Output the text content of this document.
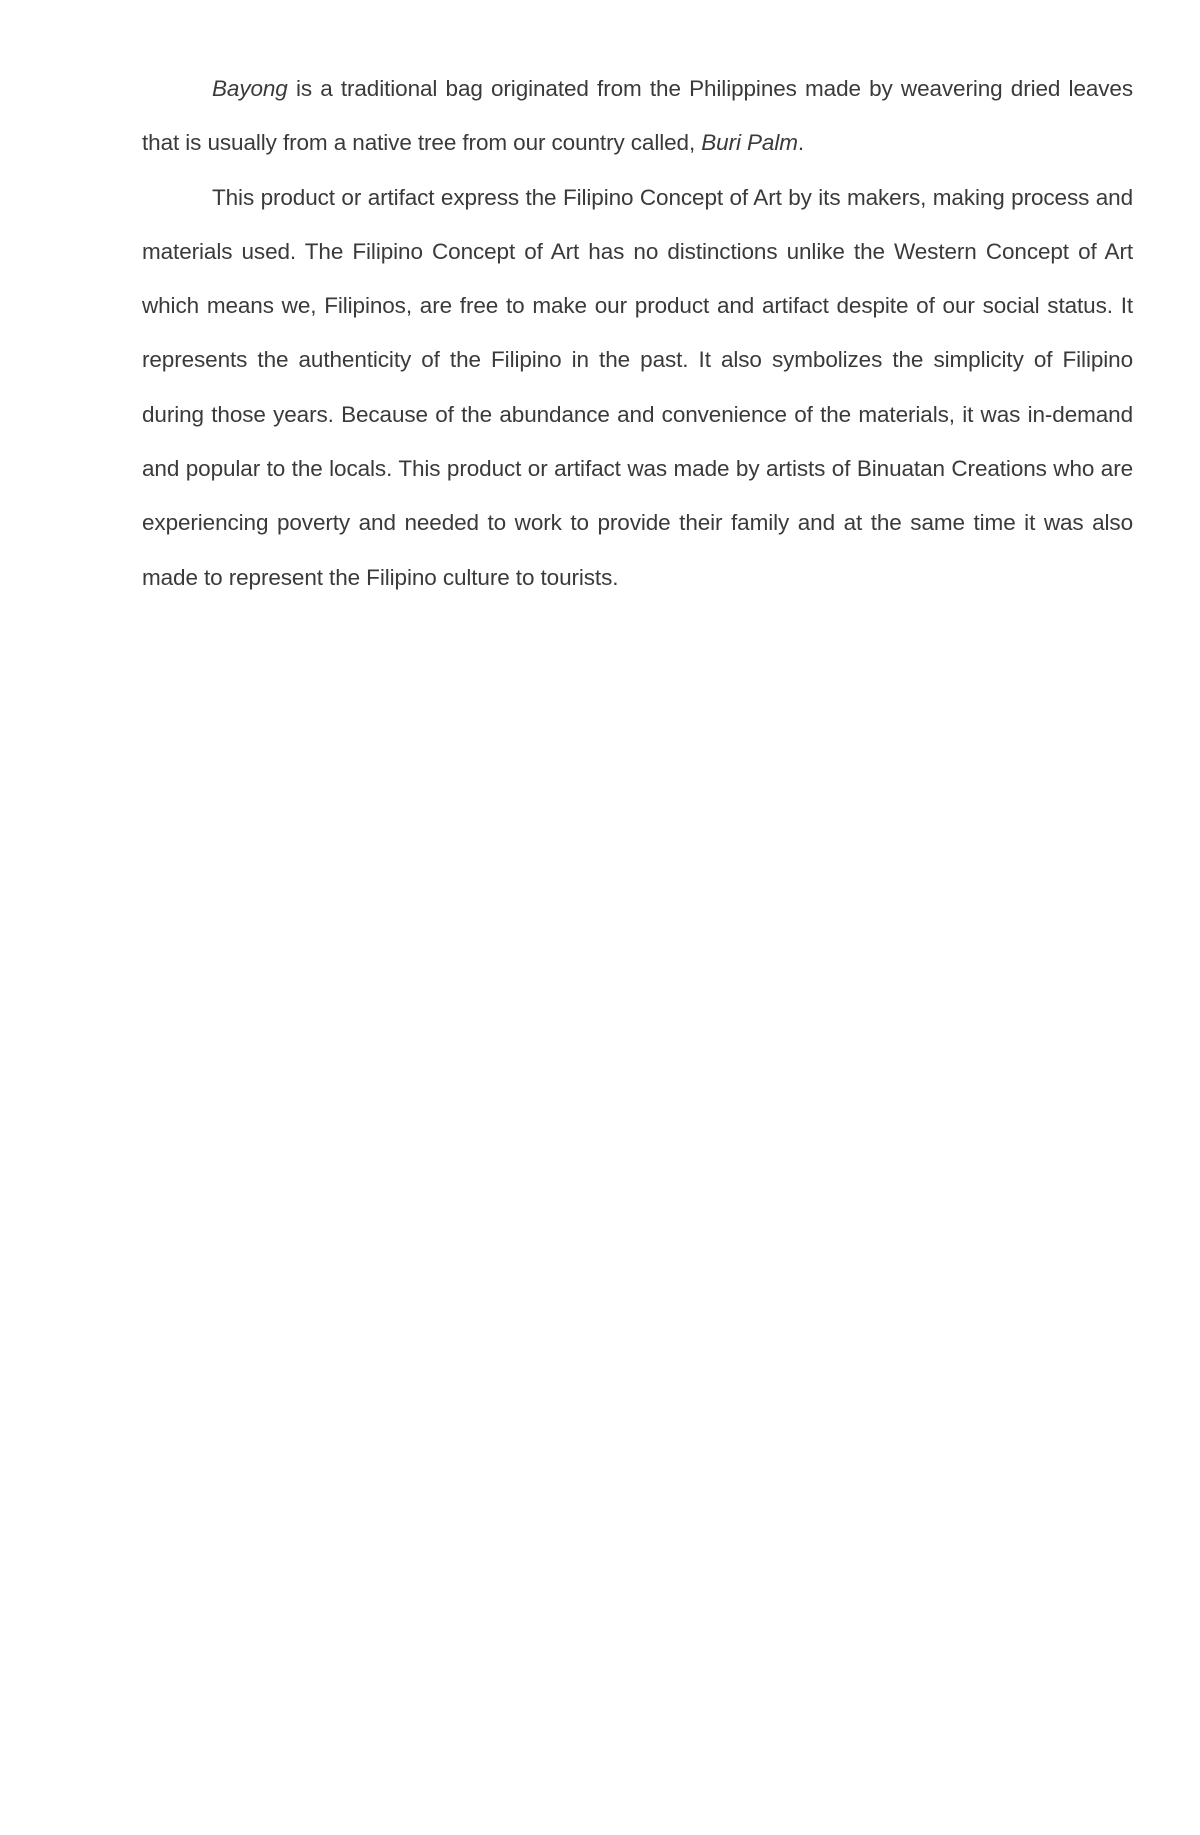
Bayong is a traditional bag originated from the Philippines made by weavering dried leaves that is usually from a native tree from our country called, Buri Palm.

This product or artifact express the Filipino Concept of Art by its makers, making process and materials used. The Filipino Concept of Art has no distinctions unlike the Western Concept of Art which means we, Filipinos, are free to make our product and artifact despite of our social status. It represents the authenticity of the Filipino in the past. It also symbolizes the simplicity of Filipino during those years. Because of the abundance and convenience of the materials, it was in-demand and popular to the locals. This product or artifact was made by artists of Binuatan Creations who are experiencing poverty and needed to work to provide their family and at the same time it was also made to represent the Filipino culture to tourists.
